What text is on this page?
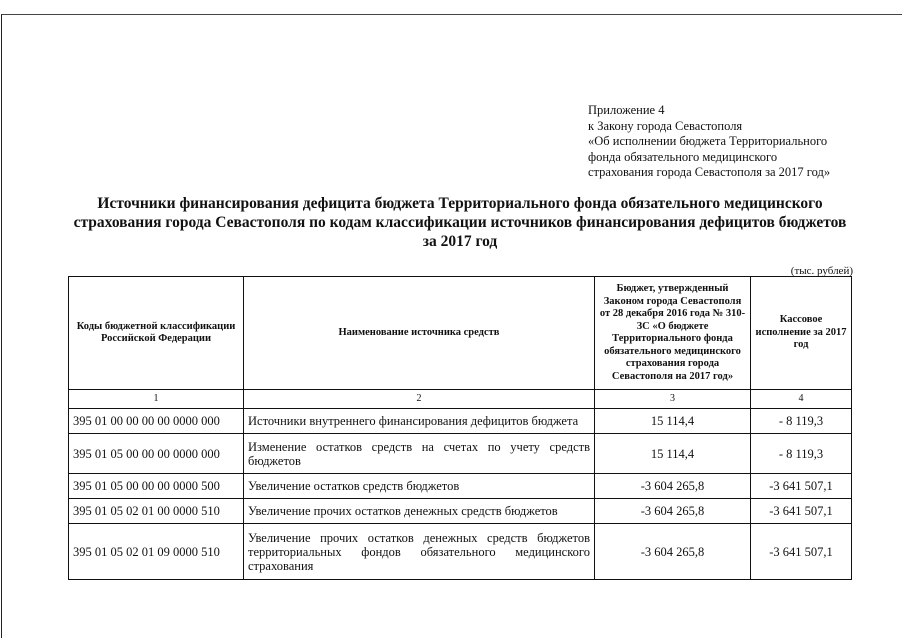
Приложение 4
к Закону города Севастополя
«Об исполнении бюджета Территориального
фонда обязательного медицинского
страхования города Севастополя за 2017 год»
Источники финансирования дефицита бюджета Территориального фонда обязательного медицинского
страхования города Севастополя по кодам классификации источников финансирования дефицитов бюджетов
за 2017 год
(тыс. рублей)
Коды бюджетной классификации Российской Федерации	Наименование источника средств	Бюджет, утвержденный Законом города Севастополя от 28 декабря 2016 года № 310-ЗС «О бюджете Территориального фонда обязательного медицинского страхования города Севастополя на 2017 год»	Кассовое исполнение за 2017 год
1	2	3	4
395 01 00 00 00 00 0000 000	Источники внутреннего финансирования дефицитов бюджета	15 114,4	- 8 119,3
395 01 05 00 00 00 0000 000	Изменение остатков средств на счетах по учету средств бюджетов	15 114,4	- 8 119,3
395 01 05 00 00 00 0000 500	Увеличение остатков средств бюджетов	-3 604 265,8	-3 641 507,1
395 01 05 02 01 00 0000 510	Увеличение прочих остатков денежных средств бюджетов	-3 604 265,8	-3 641 507,1
395 01 05 02 01 09 0000 510	Увеличение прочих остатков денежных средств бюджетов территориальных фондов обязательного медицинского страхования	-3 604 265,8	-3 641 507,1
